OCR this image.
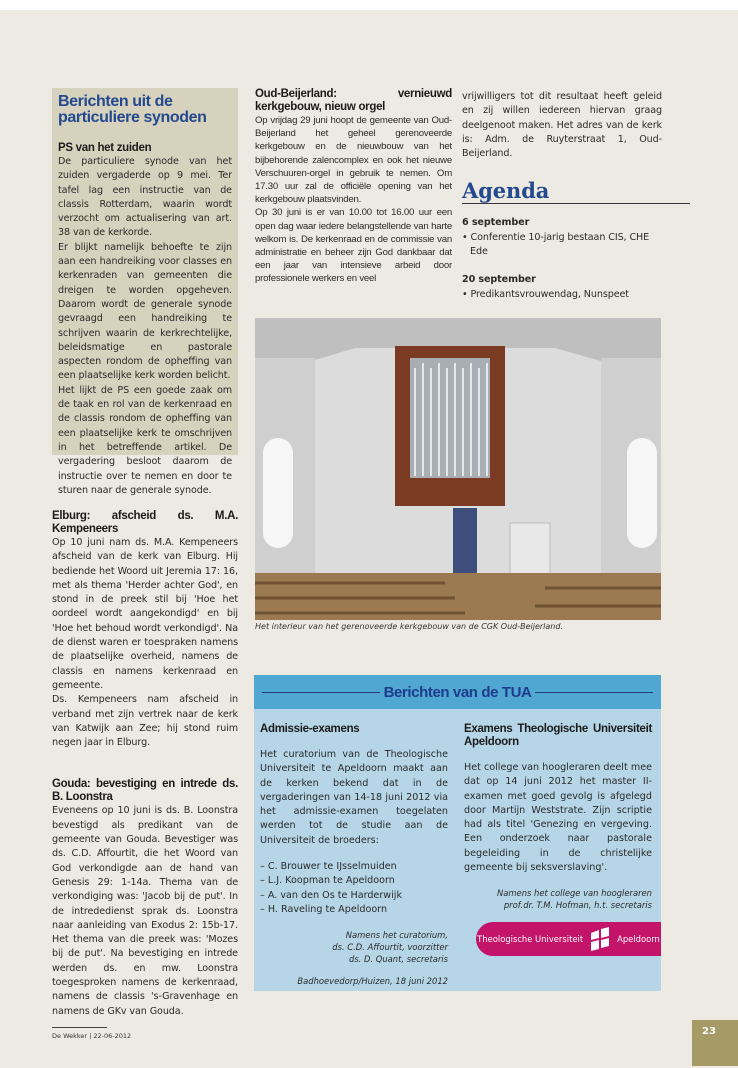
Berichten uit de particuliere synoden
PS van het zuiden

De particuliere synode van het zuiden vergaderde op 9 mei. Ter tafel lag een instructie van de classis Rotterdam, waarin wordt verzocht om actualisering van art. 38 van de kerkorde.

Er blijkt namelijk behoefte te zijn aan een handreiking voor classes en kerkenraden van gemeenten die dreigen te worden opgeheven. Daarom wordt de generale synode gevraagd een handreiking te schrijven waarin de kerkrechtelijke, beleidsmatige en pastorale aspecten rondom de opheffing van een plaatselijke kerk worden belicht.

Het lijkt de PS een goede zaak om de taak en rol van de kerkenraad en de classis rondom de opheffing van een plaatselijke kerk te omschrijven in het betreffende artikel. De vergadering besloot daarom de instructie over te nemen en door te sturen naar de generale synode.

Elburg: afscheid ds. M.A. Kempeneers

Op 10 juni nam ds. M.A. Kempeneers afscheid van de kerk van Elburg. Hij bediende het Woord uit Jeremia 17: 16, met als thema 'Herder achter God', en stond in de preek stil bij 'Hoe het oordeel wordt aangekondigd' en bij 'Hoe het behoud wordt verkondigd'. Na de dienst waren er toespraken namens de plaatselijke overheid, namens de classis en namens kerkenraad en gemeente.

Ds. Kempeneers nam afscheid in verband met zijn vertrek naar de kerk van Katwijk aan Zee; hij stond ruim negen jaar in Elburg.

Gouda: bevestiging en intrede ds. B. Loonstra

Eveneens op 10 juni is ds. B. Loonstra bevestigd als predikant van de gemeente van Gouda. Bevestiger was ds. C.D. Affourtit, die het Woord van God verkondigde aan de hand van Genesis 29: 1-14a. Thema van de verkondiging was: 'Jacob bij de put'. In de intrededienst sprak ds. Loonstra naar aanleiding van Exodus 2: 15b-17. Het thema van die preek was: 'Mozes bij de put'. Na bevestiging en intrede werden ds. en mw. Loonstra toegesproken namens de kerkenraad, namens de classis 's-Gravenhage en namens de GKv van Gouda.

Oud-Beijerland: vernieuwd kerkgebouw, nieuw orgel

Op vrijdag 29 juni hoopt de gemeente van Oud-Beijerland het geheel gerenoveerde kerkgebouw en de nieuwbouw van het bijbehorende zalencomplex en ook het nieuwe Verschuuren-orgel in gebruik te nemen. Om 17.30 uur zal de officiële opening van het kerkgebouw plaatsvinden.

Op 30 juni is er van 10.00 tot 16.00 uur een open dag waar iedere belangstellende van harte welkom is. De kerkenraad en de commissie van administratie en beheer zijn God dankbaar dat een jaar van intensieve arbeid door professionele werkers en veel

vrijwilligers tot dit resultaat heeft geleid en zij willen iedereen hiervan graag deelgenoot maken. Het adres van de kerk is: Adm. de Ruyterstraat 1, Oud-Beijerland.

Agenda
6 september
• Conferentie 10-jarig bestaan CIS, CHE Ede
20 september
• Predikantsvrouwendag, Nunspeet
Het interieur van het gerenoveerde kerkgebouw van de CGK Oud-Beijerland.
Berichten van de TUA
Admissie-examens

Het curatorium van de Theologische Universiteit te Apeldoorn maakt aan de kerken bekend dat in de vergaderingen van 14-18 juni 2012 via het admissie-examen toegelaten werden tot de studie aan de Universiteit de broeders:

– C. Brouwer te IJsselmuiden
– L.J. Koopman te Apeldoorn
– A. van den Os te Harderwijk
– H. Raveling te Apeldoorn
Namens het curatorium,
ds. C.D. Affourtit, voorzitter
ds. D. Quant, secretaris
Badhoevedorp/Huizen, 18 juni 2012
Examens Theologische Universiteit Apeldoorn

Het college van hoogleraren deelt mee dat op 14 juni 2012 het master II-examen met goed gevolg is afgelegd door Martijn Weststrate. Zijn scriptie had als titel 'Genezing en vergeving. Een onderzoek naar pastorale begeleiding in de christelijke gemeente bij seksverslaving'.

Namens het college van hoogleraren
prof.dr. T.M. Hofman, h.t. secretaris
Theologische Universiteit	Apeldoorn
De Wekker | 22-06-2012	23
